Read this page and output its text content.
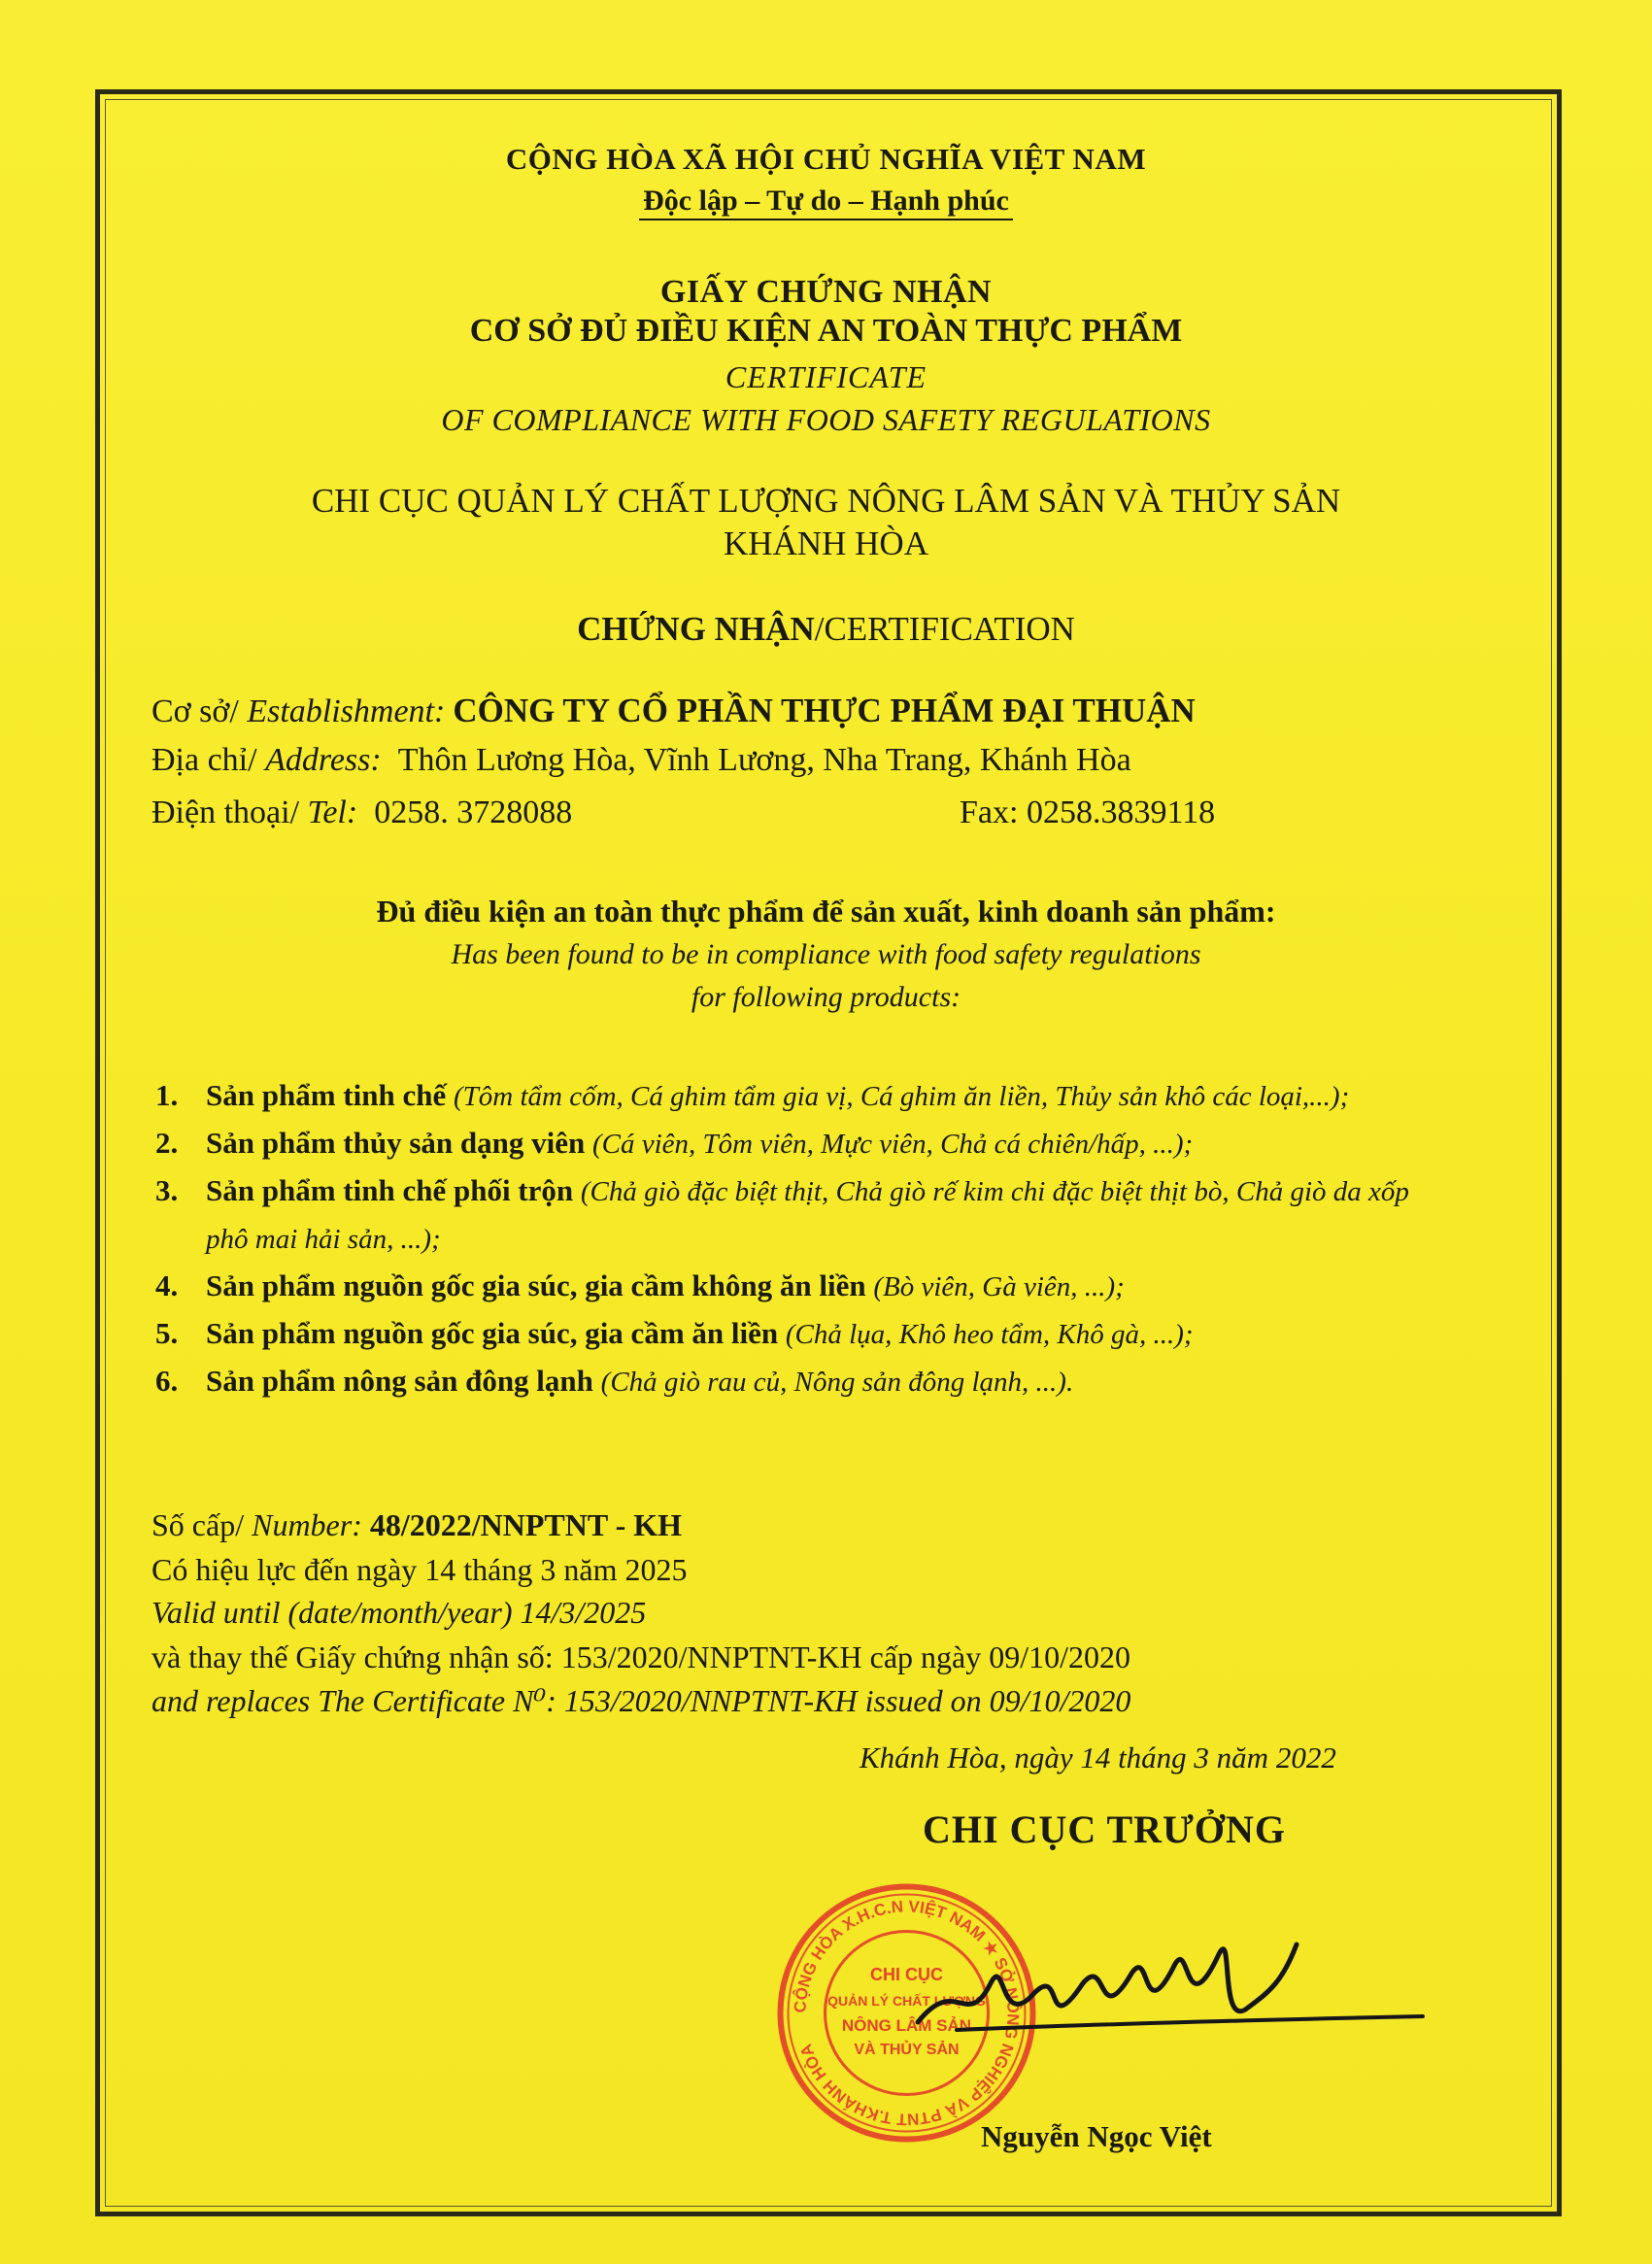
CỘNG HÒA XÃ HỘI CHỦ NGHĨA VIỆT NAM
Độc lập – Tự do – Hạnh phúc
GIẤY CHỨNG NHẬN
CƠ SỞ ĐỦ ĐIỀU KIỆN AN TOÀN THỰC PHẨM
CERTIFICATE
OF COMPLIANCE WITH FOOD SAFETY REGULATIONS
CHI CỤC QUẢN LÝ CHẤT LƯỢNG NÔNG LÂM SẢN VÀ THỦY SẢN
KHÁNH HÒA
CHỨNG NHẬN/CERTIFICATION
Cơ sở/ Establishment: CÔNG TY CỔ PHẦN THỰC PHẨM ĐẠI THUẬN
Địa chỉ/ Address: Thôn Lương Hòa, Vĩnh Lương, Nha Trang, Khánh Hòa
Điện thoại/ Tel: 0258. 3728088	Fax: 0258.3839118
Đủ điều kiện an toàn thực phẩm để sản xuất, kinh doanh sản phẩm:
Has been found to be in compliance with food safety regulations
for following products:
1. Sản phẩm tinh chế (Tôm tẩm cốm, Cá ghim tẩm gia vị, Cá ghim ăn liền, Thủy sản khô các loại,...);
2. Sản phẩm thủy sản dạng viên (Cá viên, Tôm viên, Mực viên, Chả cá chiên/hấp, ...);
3. Sản phẩm tinh chế phối trộn (Chả giò đặc biệt thịt, Chả giò rế kim chi đặc biệt thịt bò, Chả giò da xốp phô mai hải sản, ...);
4. Sản phẩm nguồn gốc gia súc, gia cầm không ăn liền (Bò viên, Gà viên, ...);
5. Sản phẩm nguồn gốc gia súc, gia cầm ăn liền (Chả lụa, Khô heo tẩm, Khô gà, ...);
6. Sản phẩm nông sản đông lạnh (Chả giò rau củ, Nông sản đông lạnh, ...).
Số cấp/ Number: 48/2022/NNPTNT - KH
Có hiệu lực đến ngày 14 tháng 3 năm 2025
Valid until (date/month/year) 14/3/2025
và thay thế Giấy chứng nhận số: 153/2020/NNPTNT-KH cấp ngày 09/10/2020
and replaces The Certificate N⁰: 153/2020/NNPTNT-KH issued on 09/10/2020
Khánh Hòa, ngày 14 tháng 3 năm 2022
CHI CỤC TRƯỞNG
CỘNG HÒA X.H.C.N VIỆT NAM ★ SỞ NÔNG NGHIỆP VÀ PTNT T.KHÁNH HÒA
CHI CỤC
QUẢN LÝ CHẤT LƯỢNG
NÔNG LÂM SẢN
VÀ THỦY SẢN
Nguyễn Ngọc Việt
